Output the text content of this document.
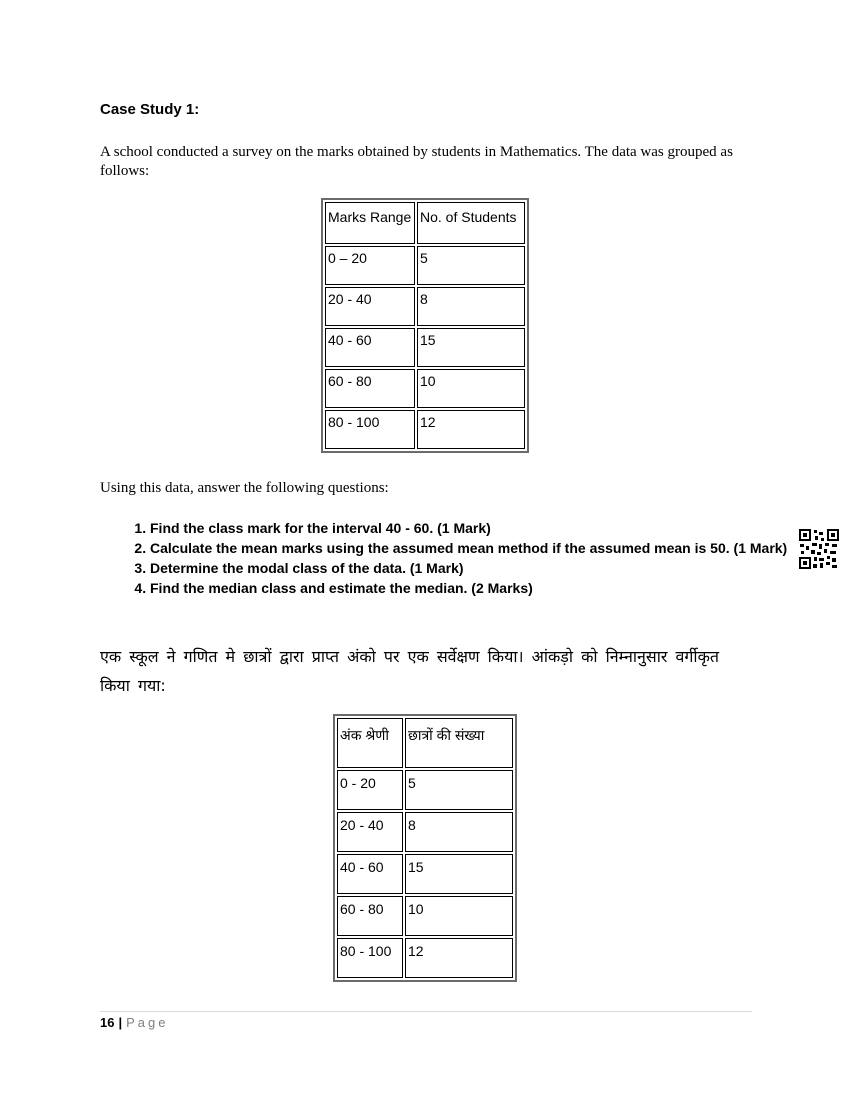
Case Study 1:
A school conducted a survey on the marks obtained by students in Mathematics. The data was grouped as follows:
Marks Range	No. of Students
0 – 20	5
20 - 40	8
40 - 60	15
60 - 80	10
80 - 100	12
Using this data, answer the following questions:
1. Find the class mark for the interval 40 - 60. (1 Mark)
2. Calculate the mean marks using the assumed mean method if the assumed mean is 50. (1 Mark)
3. Determine the modal class of the data. (1 Mark)
4. Find the median class and estimate the median. (2 Marks)
एक स्कूल ने गणित मे छात्रों द्वारा प्राप्त अंको पर एक सर्वेक्षण किया। आंकड़ो को निम्नानुसार वर्गीकृत किया गया:
अंक श्रेणी	छात्रों की संख्या
0 - 20	5
20 - 40	8
40 - 60	15
60 - 80	10
80 - 100	12
16 | Page
